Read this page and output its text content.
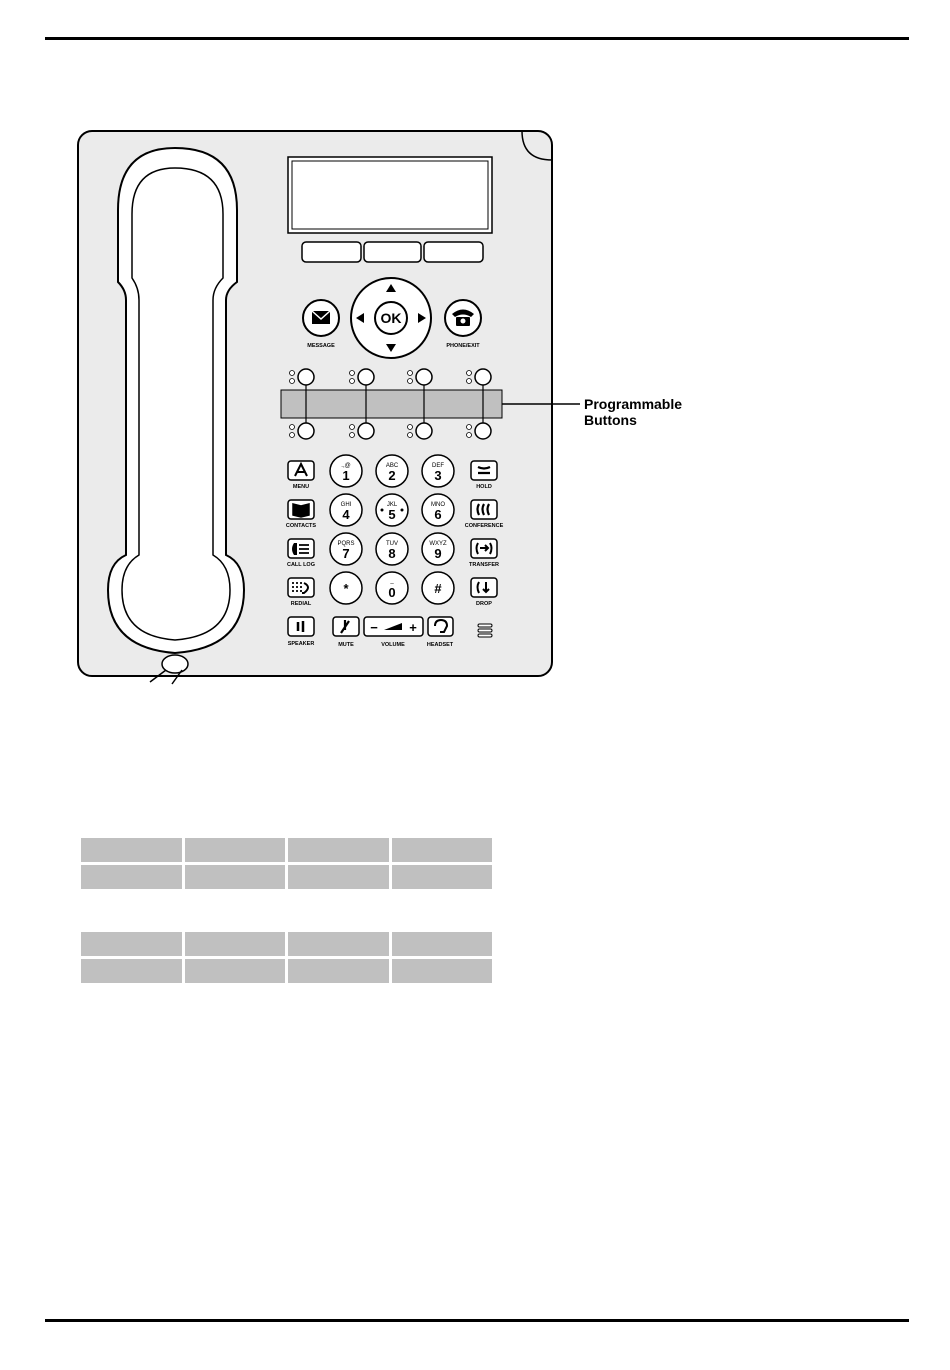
MESSAGE
OK
PHONE/EXIT
MENU
CONTACTS
CALL LOG
REDIAL
SPEAKER
HOLD
CONFERENCE
TRANSFER
DROP
.,@
1
ABC
2
DEF
3
GHI
4
JKL
5
MNO
6
PQRS
7
TUV
8
WXYZ
9
*	_
0	#
MUTE
− +
VOLUME	HEADSET
Programmable
Buttons
